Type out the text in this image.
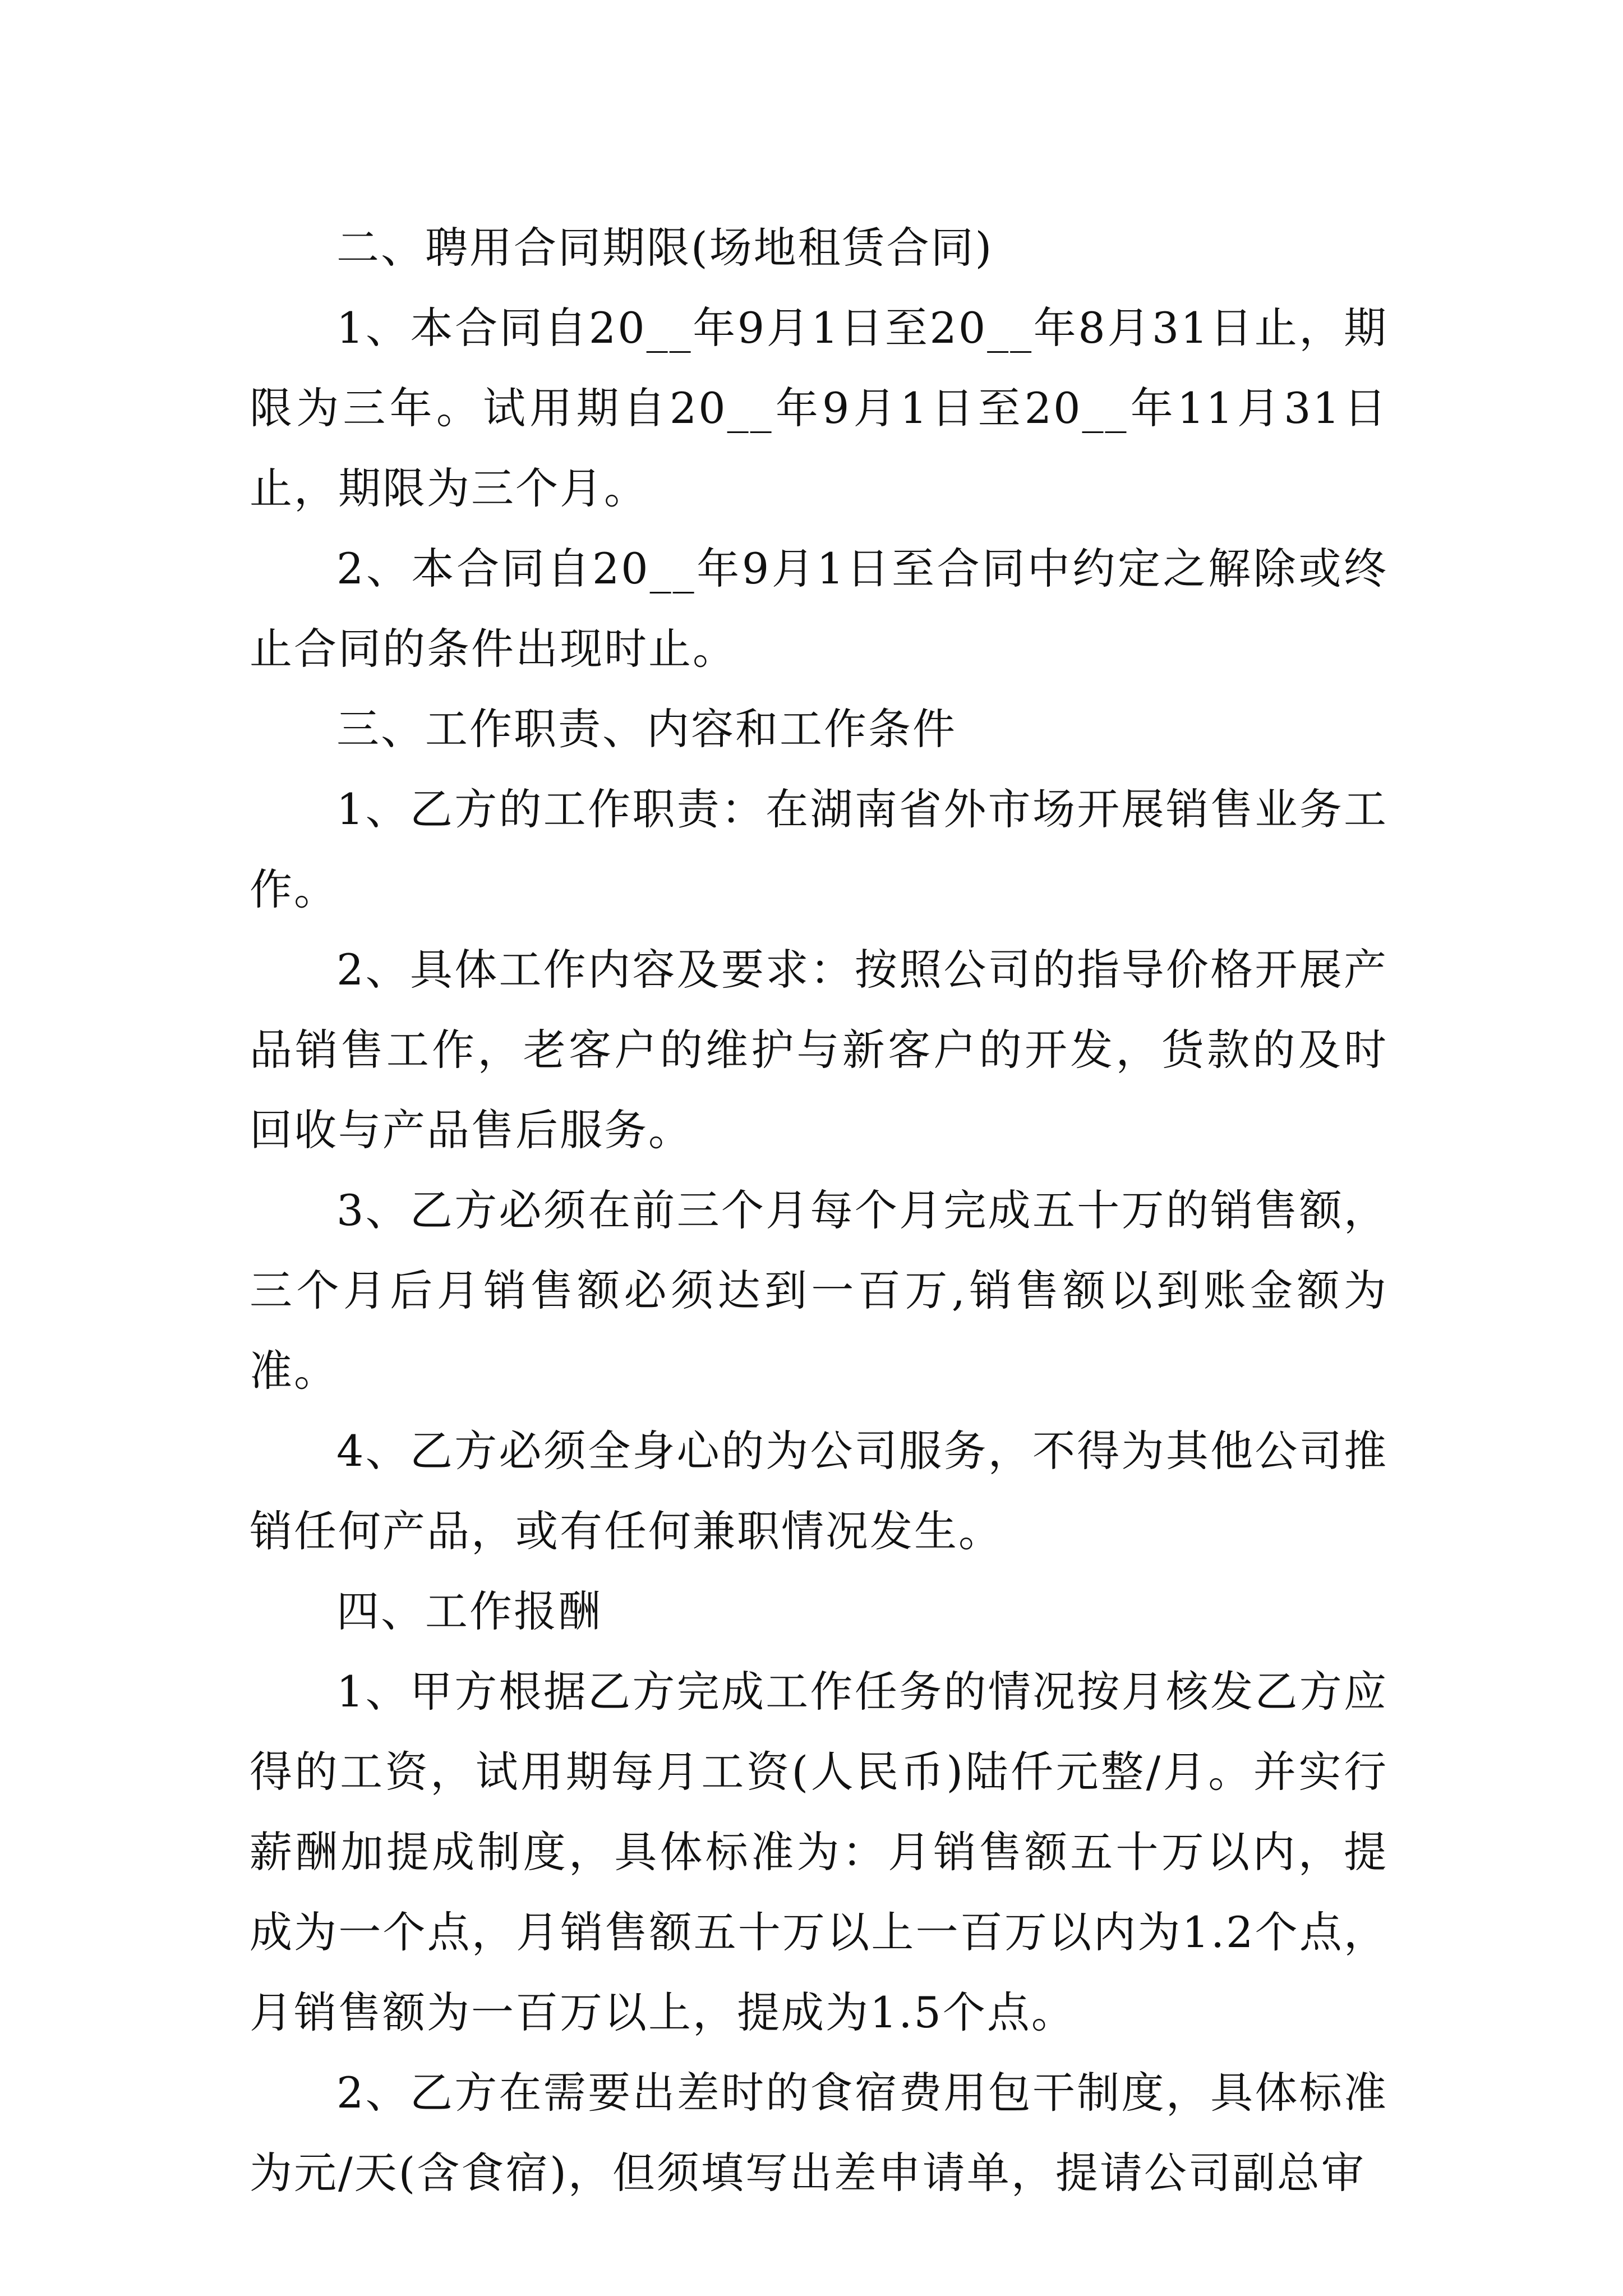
二、聘用合同期限(场地租赁合同)

1、本合同自20__年9月1日至20__年8月31日止，期限为三年。试用期自20__年9月1日至20__年11月31日止，期限为三个月。

2、本合同自20__年9月1日至合同中约定之解除或终止合同的条件出现时止。

三、工作职责、内容和工作条件

1、乙方的工作职责：在湖南省外市场开展销售业务工作。

2、具体工作内容及要求：按照公司的指导价格开展产品销售工作，老客户的维护与新客户的开发，货款的及时回收与产品售后服务。

3、乙方必须在前三个月每个月完成五十万的销售额，三个月后月销售额必须达到一百万,销售额以到账金额为准。

4、乙方必须全身心的为公司服务，不得为其他公司推销任何产品，或有任何兼职情况发生。

四、工作报酬

1、甲方根据乙方完成工作任务的情况按月核发乙方应得的工资，试用期每月工资(人民币)陆仟元整/月。并实行薪酬加提成制度，具体标准为：月销售额五十万以内，提成为一个点，月销售额五十万以上一百万以内为1.2个点，月销售额为一百万以上，提成为1.5个点。

2、乙方在需要出差时的食宿费用包干制度，具体标准为元/天(含食宿)，但须填写出差申请单，提请公司副总审
